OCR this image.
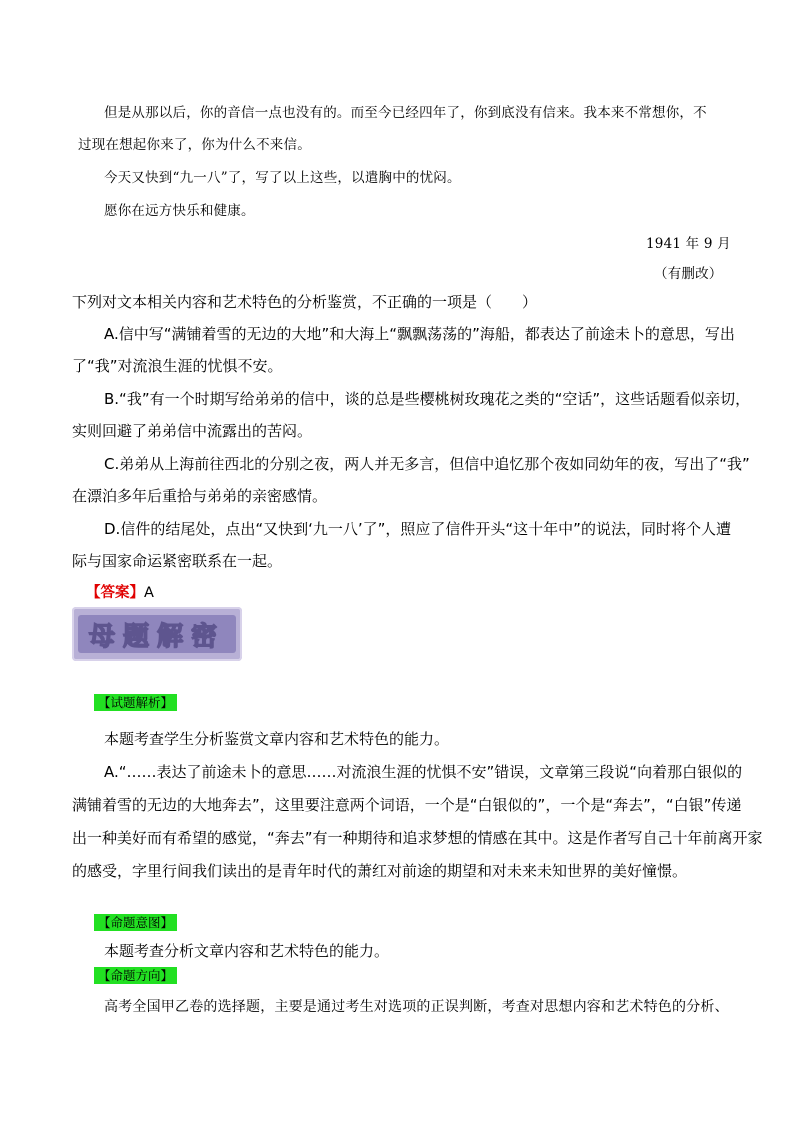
但是从那以后，你的音信一点也没有的。而至今已经四年了，你到底没有信来。我本来不常想你，不
过现在想起你来了，你为什么不来信。
今天又快到“九一八”了，写了以上这些，以遣胸中的忧闷。
愿你在远方快乐和健康。
1941 年 9 月
（有删改）
下列对文本相关内容和艺术特色的分析鉴赏，不正确的一项是（　　）
A.信中写“满铺着雪的无边的大地”和大海上“飘飘荡荡的”海船，都表达了前途未卜的意思，写出
了“我”对流浪生涯的忧惧不安。
B.“我”有一个时期写给弟弟的信中，谈的总是些樱桃树玫瑰花之类的“空话”，这些话题看似亲切，
实则回避了弟弟信中流露出的苦闷。
C.弟弟从上海前往西北的分别之夜，两人并无多言，但信中追忆那个夜如同幼年的夜，写出了“我”
在漂泊多年后重拾与弟弟的亲密感情。
D.信件的结尾处，点出“又快到‘九一八’了”，照应了信件开头“这十年中”的说法，同时将个人遭
际与国家命运紧密联系在一起。
【答案】A
母题解密
【试题解析】
本题考查学生分析鉴赏文章内容和艺术特色的能力。
A.“……表达了前途未卜的意思……对流浪生涯的忧惧不安”错误，文章第三段说“向着那白银似的
满铺着雪的无边的大地奔去”，这里要注意两个词语，一个是“白银似的”，一个是“奔去”，“白银”传递
出一种美好而有希望的感觉，“奔去”有一种期待和追求梦想的情感在其中。这是作者写自己十年前离开家
的感受，字里行间我们读出的是青年时代的萧红对前途的期望和对未来未知世界的美好憧憬。
【命题意图】
本题考查分析文章内容和艺术特色的能力。
【命题方向】
高考全国甲乙卷的选择题，主要是通过考生对选项的正误判断，考查对思想内容和艺术特色的分析、
